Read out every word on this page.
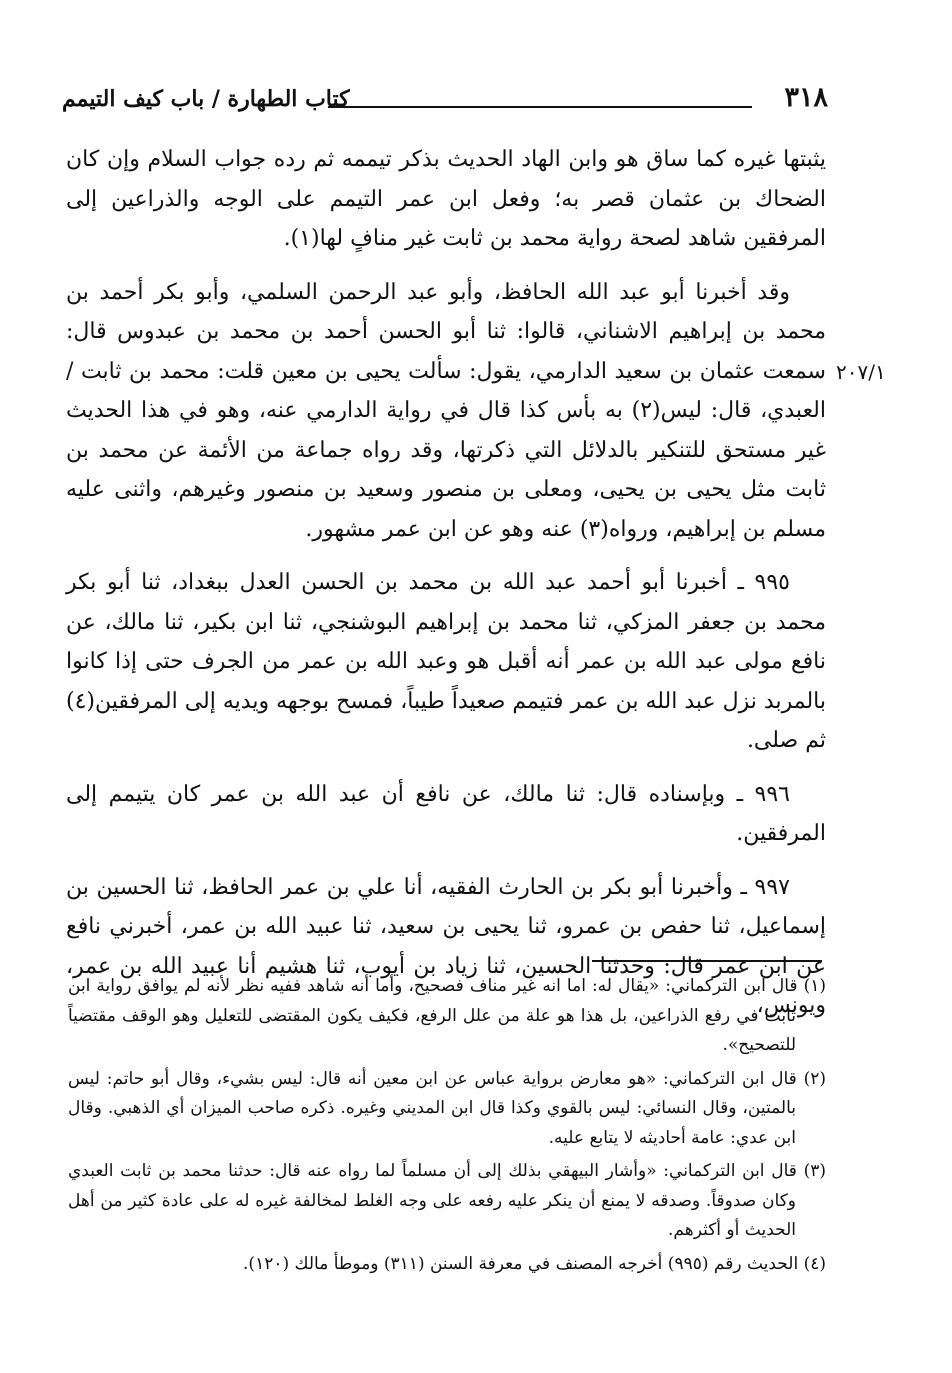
٣١٨
كتاب الطهارة / باب كيف التيمم
٢٠٧/١

يثبتها غيره كما ساق هو وابن الهاد الحديث بذكر تيممه ثم رده جواب السلام وإن كان الضحاك بن عثمان قصر به؛ وفعل ابن عمر التيمم على الوجه والذراعين إلى المرفقين شاهد لصحة رواية محمد بن ثابت غير منافٍ لها(١).

وقد أخبرنا أبو عبد الله الحافظ، وأبو عبد الرحمن السلمي، وأبو بكر أحمد بن محمد بن إبراهيم الاشناني، قالوا: ثنا أبو الحسن أحمد بن محمد بن عبدوس قال: سمعت عثمان بن سعيد الدارمي، يقول: سألت يحيى بن معين قلت: محمد بن ثابت / العبدي، قال: ليس(٢) به بأس كذا قال في رواية الدارمي عنه، وهو في هذا الحديث غير مستحق للتنكير بالدلائل التي ذكرتها، وقد رواه جماعة من الأئمة عن محمد بن ثابت مثل يحيى بن يحيى، ومعلى بن منصور وسعيد بن منصور وغيرهم، واثنى عليه مسلم بن إبراهيم، ورواه(٣) عنه وهو عن ابن عمر مشهور.

٩٩٥ ـ أخبرنا أبو أحمد عبد الله بن محمد بن الحسن العدل ببغداد، ثنا أبو بكر محمد بن جعفر المزكي، ثنا محمد بن إبراهيم البوشنجي، ثنا ابن بكير، ثنا مالك، عن نافع مولى عبد الله بن عمر أنه أقبل هو وعبد الله بن عمر من الجرف حتى إذا كانوا بالمربد نزل عبد الله بن عمر فتيمم صعيداً طيباً، فمسح بوجهه ويديه إلى المرفقين(٤) ثم صلى.

٩٩٦ ـ وبإسناده قال: ثنا مالك، عن نافع أن عبد الله بن عمر كان يتيمم إلى المرفقين.

٩٩٧ ـ وأخبرنا أبو بكر بن الحارث الفقيه، أنا علي بن عمر الحافظ، ثنا الحسين بن إسماعيل، ثنا حفص بن عمرو، ثنا يحيى بن سعيد، ثنا عبيد الله بن عمر، أخبرني نافع عن ابن عمر قال: وحدثنا الحسين، ثنا زياد بن أيوب، ثنا هشيم أنا عبيد الله بن عمر، ويونس،

(١) قال ابن التركماني: «يقال له: اما انه غير مناف فصحيح، وأما أنه شاهد ففيه نظر لأنه لم يوافق رواية ابن ثابت في رفع الذراعين، بل هذا هو علة من علل الرفع، فكيف يكون المقتضى للتعليل وهو الوقف مقتضياً للتصحيح».

(٢) قال ابن التركماني: «هو معارض برواية عباس عن ابن معين أنه قال: ليس بشيء، وقال أبو حاتم: ليس بالمتين، وقال النسائي: ليس بالقوي وكذا قال ابن المديني وغيره. ذكره صاحب الميزان أي الذهبي. وقال ابن عدي: عامة أحاديثه لا يتابع عليه.

(٣) قال ابن التركماني: «وأشار البيهقي بذلك إلى أن مسلماً لما رواه عنه قال: حدثنا محمد بن ثابت العبدي وكان صدوقاً. وصدقه لا يمنع أن ينكر عليه رفعه على وجه الغلط لمخالفة غيره له على عادة كثير من أهل الحديث أو أكثرهم.

(٤) الحديث رقم (٩٩٥) أخرجه المصنف في معرفة السنن (٣١١) وموطأ مالك (١٢٠).
